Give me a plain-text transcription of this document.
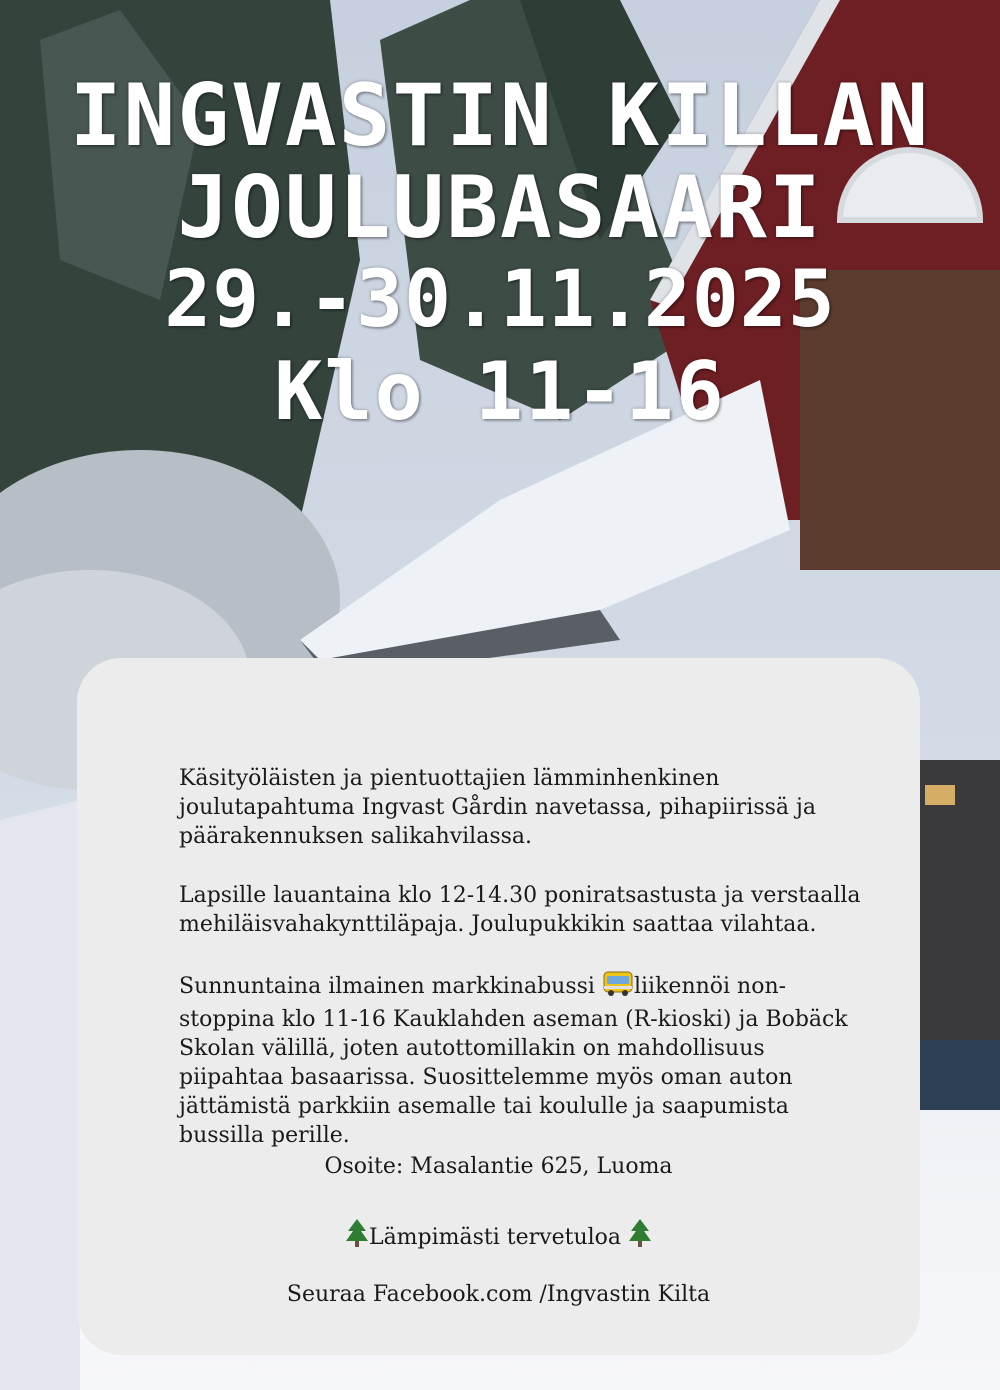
INGVASTIN KILLAN
JOULUBASAARI
29.-30.11.2025
Klo 11-16

Käsityöläisten ja pientuottajien lämminhenkinen joulutapahtuma Ingvast Gårdin navetassa, pihapiirissä ja päärakennuksen salikahvilassa.

Lapsille lauantaina klo 12-14.30 poniratsastusta ja verstaalla mehiläisvahakynttiläpaja. Joulupukkikin saattaa vilahtaa.

Sunnuntaina ilmainen markkinabussi liikennöi non-stoppina klo 11-16 Kauklahden aseman (R-kioski) ja Bobäck Skolan välillä, joten autottomillakin on mahdollisuus piipahtaa basaarissa. Suosittelemme myös oman auton jättämistä parkkiin asemalle tai koululle ja saapumista bussilla perille.

Osoite: Masalantie 625, Luoma
Lämpimästi tervetuloa
Seuraa Facebook.com /Ingvastin Kilta
